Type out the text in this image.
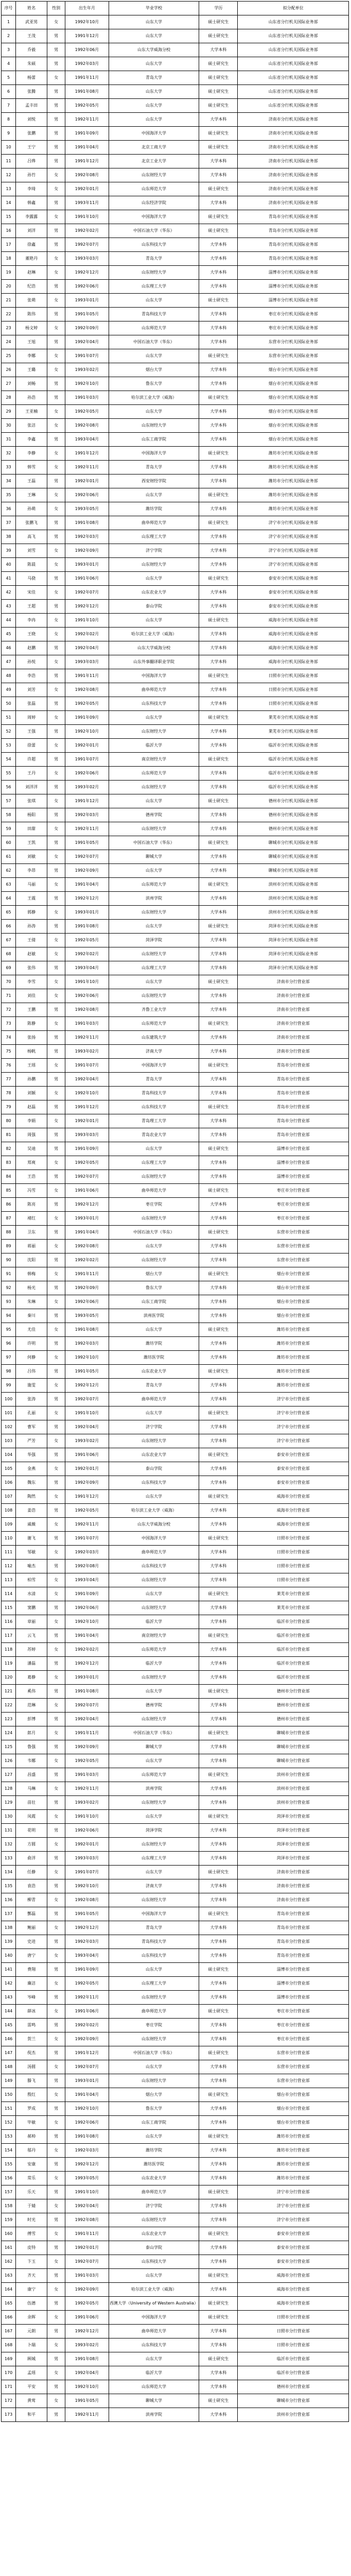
序号	姓名	性别	出生年月	毕业学校	学历	拟分配单位
1	武亚男	女	1992年10月	山东大学	硕士研究生	山东省分行机关国际业务部
2	王茂	男	1991年12月	山东大学	硕士研究生	山东省分行机关国际业务部
3	乔毅	男	1992年06月	山东大学威海分校	大学本科	山东省分行机关国际业务部
4	朱硕	男	1992年03月	山东大学	硕士研究生	山东省分行机关国际业务部
5	杨蕾	女	1991年11月	青岛大学	硕士研究生	山东省分行机关国际业务部
6	张腾	男	1991年08月	山东大学	硕士研究生	山东省分行机关国际业务部
7	孟丰田	男	1992年05月	山东大学	硕士研究生	山东省分行机关国际业务部
8	刘悦	男	1992年11月	山东大学	大学本科	济南市分行机关国际业务部
9	张鹏	男	1991年09月	中国海洋大学	硕士研究生	济南市分行机关国际业务部
10	王宁	男	1991年04月	北京工商大学	硕士研究生	济南市分行机关国际业务部
11	吕烨	男	1991年12月	北京工业大学	大学本科	济南市分行机关国际业务部
12	孙竹	女	1992年08月	山东财经大学	大学本科	济南市分行机关国际业务部
13	李琦	女	1992年01月	山东师范大学	硕士研究生	济南市分行机关国际业务部
14	韩鑫	男	1993年11月	山东经济学院	大学本科	济南市分行机关国际业务部
15	李露露	女	1991年10月	中国海洋大学	硕士研究生	青岛市分行机关国际业务部
16	刘洋	男	1992年02月	中国石油大学（华东）	硕士研究生	青岛市分行机关国际业务部
17	徐鑫	男	1992年07月	山东科技大学	大学本科	青岛市分行机关国际业务部
18	董艳丹	女	1993年03月	青岛大学	大学本科	青岛市分行机关国际业务部
19	赵琳	女	1992年12月	山东财经大学	大学本科	淄博市分行机关国际业务部
20	纪浩	男	1992年06月	山东理工大学	大学本科	淄博市分行机关国际业务部
21	张萌	女	1993年01月	山东大学	硕士研究生	淄博市分行机关国际业务部
22	陈伟	男	1991年05月	青岛科技大学	大学本科	枣庄市分行机关国际业务部
23	杨文婷	女	1992年09月	山东师范大学	大学本科	枣庄市分行机关国际业务部
24	王旭	男	1992年04月	中国石油大学（华东）	大学本科	东营市分行机关国际业务部
25	李娜	女	1991年07月	山东大学	硕士研究生	东营市分行机关国际业务部
26	王璐	女	1993年02月	烟台大学	大学本科	烟台市分行机关国际业务部
27	刘畅	男	1992年10月	鲁东大学	大学本科	烟台市分行机关国际业务部
28	孙浩	男	1991年03月	哈尔滨工业大学（威海）	硕士研究生	烟台市分行机关国际业务部
29	王亚楠	女	1992年05月	山东大学	大学本科	烟台市分行机关国际业务部
30	张洁	女	1992年08月	山东财经大学	大学本科	烟台市分行机关国际业务部
31	李鑫	男	1993年04月	山东工商学院	大学本科	烟台市分行机关国际业务部
32	李静	女	1991年12月	中国海洋大学	硕士研究生	潍坊市分行机关国际业务部
33	韩雪	女	1992年11月	青岛大学	大学本科	潍坊市分行机关国际业务部
34	王磊	男	1992年01月	西安财经学院	大学本科	潍坊市分行机关国际业务部
35	王琳	女	1992年06月	山东大学	硕士研究生	潍坊市分行机关国际业务部
36	孙萌	女	1993年05月	潍坊学院	大学本科	潍坊市分行机关国际业务部
37	张鹏飞	男	1991年08月	曲阜师范大学	硕士研究生	济宁市分行机关国际业务部
38	高飞	男	1992年03月	山东理工大学	大学本科	济宁市分行机关国际业务部
39	刘雪	女	1992年09月	济宁学院	大学本科	济宁市分行机关国际业务部
40	陈晨	女	1993年01月	山东财经大学	大学本科	济宁市分行机关国际业务部
41	马骁	男	1991年06月	山东大学	硕士研究生	泰安市分行机关国际业务部
42	宋佳	女	1992年07月	山东农业大学	大学本科	泰安市分行机关国际业务部
43	王超	男	1992年12月	泰山学院	大学本科	泰安市分行机关国际业务部
44	李冉	女	1991年10月	山东大学	硕士研究生	威海市分行机关国际业务部
45	王晓	女	1992年02月	哈尔滨工业大学（威海）	大学本科	威海市分行机关国际业务部
46	赵鹏	男	1992年04月	山东大学威海分校	大学本科	威海市分行机关国际业务部
47	孙悦	女	1993年03月	山东外事翻译职业学院	大学本科	威海市分行机关国际业务部
48	李浩	男	1991年11月	中国海洋大学	硕士研究生	日照市分行机关国际业务部
49	刘芳	女	1992年08月	曲阜师范大学	大学本科	日照市分行机关国际业务部
50	张磊	男	1992年05月	山东科技大学	大学本科	日照市分行机关国际业务部
51	周婷	女	1991年09月	山东大学	硕士研究生	莱芜市分行机关国际业务部
52	王强	男	1992年10月	山东财经大学	大学本科	莱芜市分行机关国际业务部
53	徐蕾	女	1992年01月	临沂大学	大学本科	临沂市分行机关国际业务部
54	许超	男	1991年07月	南京财经大学	硕士研究生	临沂市分行机关国际业务部
55	王丹	女	1992年06月	山东师范大学	大学本科	临沂市分行机关国际业务部
56	刘洋洋	男	1993年02月	山东财经大学	大学本科	临沂市分行机关国际业务部
57	张琪	女	1991年12月	山东大学	硕士研究生	德州市分行机关国际业务部
58	杨阳	男	1992年03月	德州学院	大学本科	德州市分行机关国际业务部
59	田甜	女	1992年11月	山东财经大学	大学本科	德州市分行机关国际业务部
60	王凯	男	1991年05月	中国石油大学（华东）	硕士研究生	聊城市分行机关国际业务部
61	刘敏	女	1992年07月	聊城大学	大学本科	聊城市分行机关国际业务部
62	李昂	男	1992年09月	山东大学	大学本科	聊城市分行机关国际业务部
63	马丽	女	1991年04月	山东师范大学	硕士研究生	滨州市分行机关国际业务部
64	王震	男	1992年12月	滨州学院	大学本科	滨州市分行机关国际业务部
65	郭静	女	1993年01月	山东财经大学	大学本科	滨州市分行机关国际业务部
66	孙涛	男	1991年08月	山东大学	硕士研究生	菏泽市分行机关国际业务部
67	王倩	女	1992年05月	菏泽学院	大学本科	菏泽市分行机关国际业务部
68	赵敏	女	1992年02月	山东财经大学	大学本科	菏泽市分行机关国际业务部
69	张伟	男	1993年04月	山东理工大学	大学本科	菏泽市分行机关国际业务部
70	李雪	女	1991年10月	山东大学	硕士研究生	济南市分行营业部
71	刘佳	女	1992年06月	山东财经大学	大学本科	济南市分行营业部
72	王鹏	男	1992年08月	齐鲁工业大学	大学本科	济南市分行营业部
73	陈静	女	1991年03月	山东师范大学	硕士研究生	济南市分行营业部
74	张扬	男	1992年11月	山东建筑大学	大学本科	济南市分行营业部
75	杨帆	男	1993年02月	济南大学	大学本科	济南市分行营业部
76	王瑶	女	1991年07月	中国海洋大学	硕士研究生	青岛市分行营业部
77	孙鹏	男	1992年04月	青岛大学	大学本科	青岛市分行营业部
78	刘颖	女	1992年10月	青岛科技大学	大学本科	青岛市分行营业部
79	赵磊	男	1991年12月	山东科技大学	硕士研究生	青岛市分行营业部
80	李娟	女	1992年01月	青岛理工大学	大学本科	青岛市分行营业部
81	周强	男	1993年03月	青岛农业大学	大学本科	青岛市分行营业部
82	吴迪	男	1991年09月	山东大学	硕士研究生	淄博市分行营业部
83	郑爽	女	1992年05月	山东理工大学	大学本科	淄博市分行营业部
84	王浩	男	1992年07月	山东财经大学	大学本科	淄博市分行营业部
85	冯雪	女	1991年06月	曲阜师范大学	硕士研究生	枣庄市分行营业部
86	陈亮	男	1992年12月	枣庄学院	大学本科	枣庄市分行营业部
87	褚红	女	1993年01月	山东财经大学	大学本科	枣庄市分行营业部
88	卫东	男	1991年04月	中国石油大学（华东）	硕士研究生	东营市分行营业部
89	蒋丽	女	1992年08月	山东大学	大学本科	东营市分行营业部
90	沈阳	男	1992年02月	山东财经大学	大学本科	东营市分行营业部
91	韩梅	女	1991年11月	烟台大学	硕士研究生	烟台市分行营业部
92	杨光	男	1992年09月	鲁东大学	大学本科	烟台市分行营业部
93	朱琳	女	1992年06月	山东工商学院	大学本科	烟台市分行营业部
94	秦川	男	1993年05月	滨州医学院	大学本科	烟台市分行营业部
95	尤佳	女	1991年08月	山东大学	硕士研究生	潍坊市分行营业部
96	许明	男	1992年03月	潍坊学院	大学本科	潍坊市分行营业部
97	何静	女	1992年10月	潍坊医学院	大学本科	潍坊市分行营业部
98	吕伟	男	1991年05月	山东农业大学	硕士研究生	潍坊市分行营业部
99	施雯	女	1992年12月	青岛大学	大学本科	潍坊市分行营业部
100	张涛	男	1992年07月	曲阜师范大学	大学本科	济宁市分行营业部
101	孔丽	女	1991年10月	山东大学	硕士研究生	济宁市分行营业部
102	曹军	男	1992年04月	济宁学院	大学本科	济宁市分行营业部
103	严芳	女	1993年02月	山东财经大学	大学本科	济宁市分行营业部
104	华强	男	1991年06月	山东农业大学	硕士研究生	泰安市分行营业部
105	金燕	女	1992年01月	泰山学院	大学本科	泰安市分行营业部
106	魏东	男	1992年09月	山东科技大学	大学本科	泰安市分行营业部
107	陶然	女	1991年12月	山东大学	硕士研究生	威海市分行营业部
108	姜浩	男	1992年05月	哈尔滨工业大学（威海）	大学本科	威海市分行营业部
109	戚薇	女	1992年11月	山东大学威海分校	大学本科	威海市分行营业部
110	谢飞	男	1991年07月	中国海洋大学	硕士研究生	日照市分行营业部
111	邹敏	女	1992年03月	曲阜师范大学	大学本科	日照市分行营业部
112	喻杰	男	1992年08月	山东科技大学	大学本科	日照市分行营业部
113	柏雪	女	1993年04月	山东财经大学	大学本科	日照市分行营业部
114	水清	女	1991年09月	山东大学	硕士研究生	莱芜市分行营业部
115	窦鹏	男	1992年06月	山东财经大学	大学本科	莱芜市分行营业部
116	章丽	女	1992年10月	临沂大学	大学本科	临沂市分行营业部
117	云飞	男	1991年04月	南京财经大学	硕士研究生	临沂市分行营业部
118	苏婷	女	1992年02月	山东师范大学	大学本科	临沂市分行营业部
119	潘磊	男	1992年12月	临沂大学	大学本科	临沂市分行营业部
120	葛静	女	1993年01月	山东财经大学	大学本科	临沂市分行营业部
121	奚伟	男	1991年08月	山东大学	硕士研究生	德州市分行营业部
122	范琳	女	1992年07月	德州学院	大学本科	德州市分行营业部
123	彭博	男	1992年04月	山东财经大学	大学本科	德州市分行营业部
124	郎月	女	1991年11月	中国石油大学（华东）	硕士研究生	聊城市分行营业部
125	鲁强	男	1992年09月	聊城大学	大学本科	聊城市分行营业部
126	韦娜	女	1992年05月	山东大学	大学本科	聊城市分行营业部
127	昌盛	男	1991年03月	山东师范大学	硕士研究生	滨州市分行营业部
128	马琳	女	1992年11月	滨州学院	大学本科	滨州市分行营业部
129	苗壮	男	1993年02月	山东财经大学	大学本科	滨州市分行营业部
130	凤霞	女	1991年10月	山东大学	硕士研究生	菏泽市分行营业部
131	花明	男	1992年06月	菏泽学院	大学本科	菏泽市分行营业部
132	方圆	女	1992年01月	山东财经大学	大学本科	菏泽市分行营业部
133	俞洋	男	1993年03月	山东理工大学	大学本科	菏泽市分行营业部
134	任静	女	1991年07月	山东大学	硕士研究生	济南市分行营业部
135	袁浩	男	1992年10月	济南大学	大学本科	济南市分行营业部
136	柳青	女	1992年08月	山东财经大学	大学本科	济南市分行营业部
137	酆磊	男	1991年05月	中国海洋大学	硕士研究生	青岛市分行营业部
138	鲍丽	女	1992年12月	青岛大学	大学本科	青岛市分行营业部
139	史进	男	1992年03月	青岛科技大学	大学本科	青岛市分行营业部
140	唐宁	女	1993年04月	山东科技大学	大学本科	青岛市分行营业部
141	费翔	男	1991年09月	山东大学	硕士研究生	淄博市分行营业部
142	廉洁	女	1992年05月	山东理工大学	大学本科	淄博市分行营业部
143	岑峰	男	1992年11月	山东财经大学	大学本科	淄博市分行营业部
144	薛冰	女	1991年06月	曲阜师范大学	硕士研究生	枣庄市分行营业部
145	雷鸣	男	1992年02月	枣庄学院	大学本科	枣庄市分行营业部
146	贺兰	女	1992年09月	山东财经大学	大学本科	枣庄市分行营业部
147	倪杰	男	1991年12月	中国石油大学（华东）	硕士研究生	东营市分行营业部
148	汤圆	女	1992年07月	山东大学	大学本科	东营市分行营业部
149	滕飞	男	1993年01月	山东财经大学	大学本科	东营市分行营业部
150	殷红	女	1991年04月	烟台大学	硕士研究生	烟台市分行营业部
151	罗成	男	1992年10月	鲁东大学	大学本科	烟台市分行营业部
152	毕敏	女	1992年06月	山东工商学院	大学本科	烟台市分行营业部
153	郝帅	男	1991年08月	山东大学	硕士研究生	潍坊市分行营业部
154	邬丹	女	1992年03月	潍坊学院	大学本科	潍坊市分行营业部
155	安康	男	1992年12月	潍坊医学院	大学本科	潍坊市分行营业部
156	常乐	女	1993年05月	山东农业大学	大学本科	潍坊市分行营业部
157	乐天	男	1991年10月	曲阜师范大学	硕士研究生	济宁市分行营业部
158	于婧	女	1992年04月	济宁学院	大学本科	济宁市分行营业部
159	时光	男	1992年08月	山东财经大学	大学本科	济宁市分行营业部
160	傅雪	女	1991年11月	山东农业大学	硕士研究生	泰安市分行营业部
161	皮特	男	1992年01月	泰山学院	大学本科	泰安市分行营业部
162	卞玉	女	1992年07月	山东科技大学	大学本科	泰安市分行营业部
163	齐天	男	1991年03月	山东大学	硕士研究生	威海市分行营业部
164	康宁	女	1992年09月	哈尔滨工业大学（威海）	大学本科	威海市分行营业部
165	伍德	男	1992年05月	西澳大学（University of Western Australia）	硕士研究生	威海市分行营业部
166	余晖	女	1991年06月	中国海洋大学	硕士研究生	日照市分行营业部
167	元朗	男	1992年12月	曲阜师范大学	大学本科	日照市分行营业部
168	卜瑞	女	1993年02月	山东科技大学	大学本科	日照市分行营业部
169	顾城	男	1991年08月	山东大学	硕士研究生	临沂市分行营业部
170	孟瑶	女	1992年04月	临沂大学	大学本科	临沂市分行营业部
171	平安	男	1992年10月	山东师范大学	大学本科	德州市分行营业部
172	黄莺	女	1991年05月	聊城大学	硕士研究生	聊城市分行营业部
173	和平	男	1992年11月	滨州学院	大学本科	滨州市分行营业部
